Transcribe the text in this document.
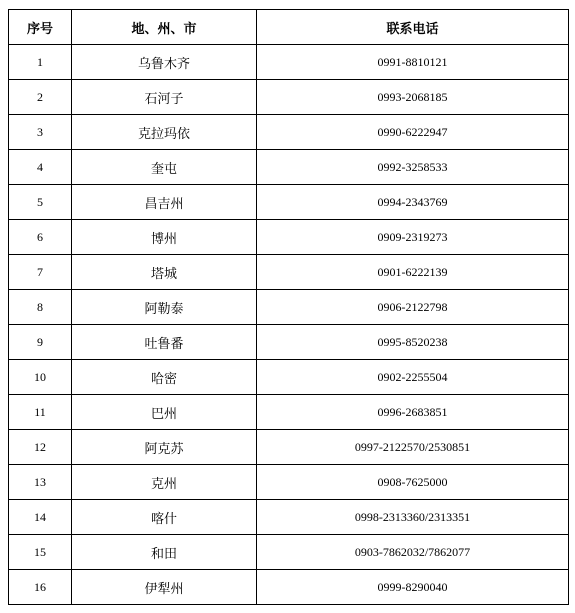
序号	地、州、市	联系电话
1	乌鲁木齐	0991-8810121
2	石河子	0993-2068185
3	克拉玛依	0990-6222947
4	奎屯	0992-3258533
5	昌吉州	0994-2343769
6	博州	0909-2319273
7	塔城	0901-6222139
8	阿勒泰	0906-2122798
9	吐鲁番	0995-8520238
10	哈密	0902-2255504
11	巴州	0996-2683851
12	阿克苏	0997-2122570/2530851
13	克州	0908-7625000
14	喀什	0998-2313360/2313351
15	和田	0903-7862032/7862077
16	伊犁州	0999-8290040
